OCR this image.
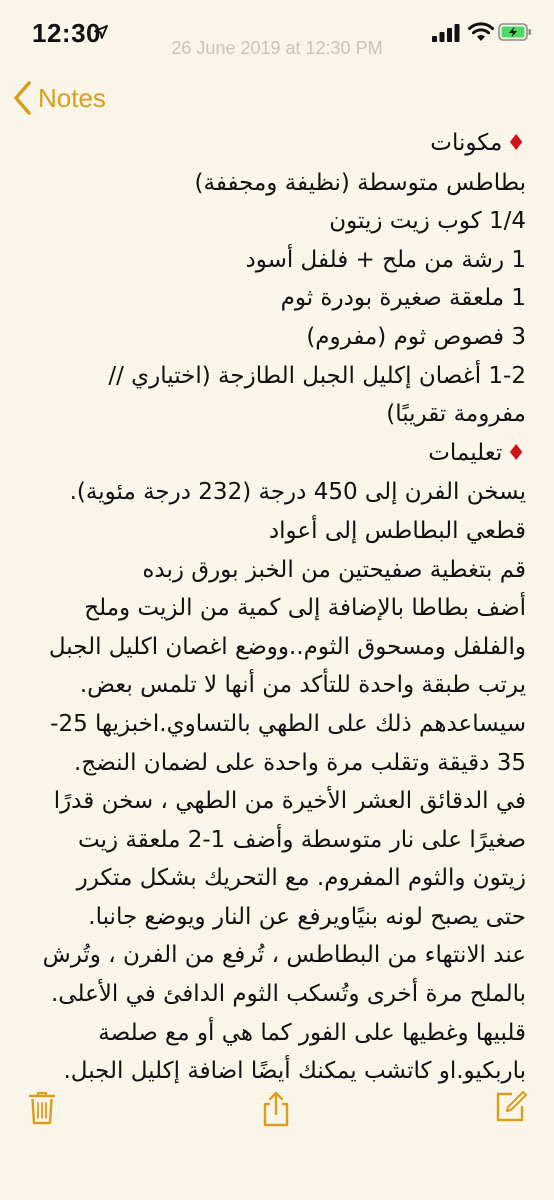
12:30	26 June 2019 at 12:30 PM
Notes

♦مكونات

بطاطس متوسطة (نظيفة ومجففة)

1/4 كوب زيت زيتون

1 رشة من ملح + فلفل أسود

1 ملعقة صغيرة بودرة ثوم

3 فصوص ثوم (مفروم)

1-2 أغصان إكليل الجبل الطازجة (اختياري //

مفرومة تقريبًا)

♦تعليمات

يسخن الفرن إلى 450 درجة (232 درجة مئوية).

قطعي البطاطس إلى أعواد

قم بتغطية صفيحتين من الخبز بورق زبده

أضف بطاطا بالإضافة إلى كمية من الزيت وملح

والفلفل ومسحوق الثوم..ووضع اغصان اكليل الجبل

يرتب طبقة واحدة للتأكد من أنها لا تلمس بعض.

سيساعدهم ذلك على الطهي بالتساوي.اخبزيها 25-

35 دقيقة وتقلب مرة واحدة على لضمان النضج.

في الدقائق العشر الأخيرة من الطهي ، سخن قدرًا

صغيرًا على نار متوسطة وأضف 1-2 ملعقة زيت

زيتون والثوم المفروم. مع التحريك بشكل متكرر

حتى يصبح لونه بنيًاويرفع عن النار ويوضع جانبا.

عند الانتهاء من البطاطس ، تُرفع من الفرن ، وتُرش

بالملح مرة أخرى وتُسكب الثوم الدافئ في الأعلى.

قلبيها وغطيها على الفور كما هي أو مع صلصة

باربكيو.او كاتشب يمكنك أيضًا اضافة إكليل الجبل.
